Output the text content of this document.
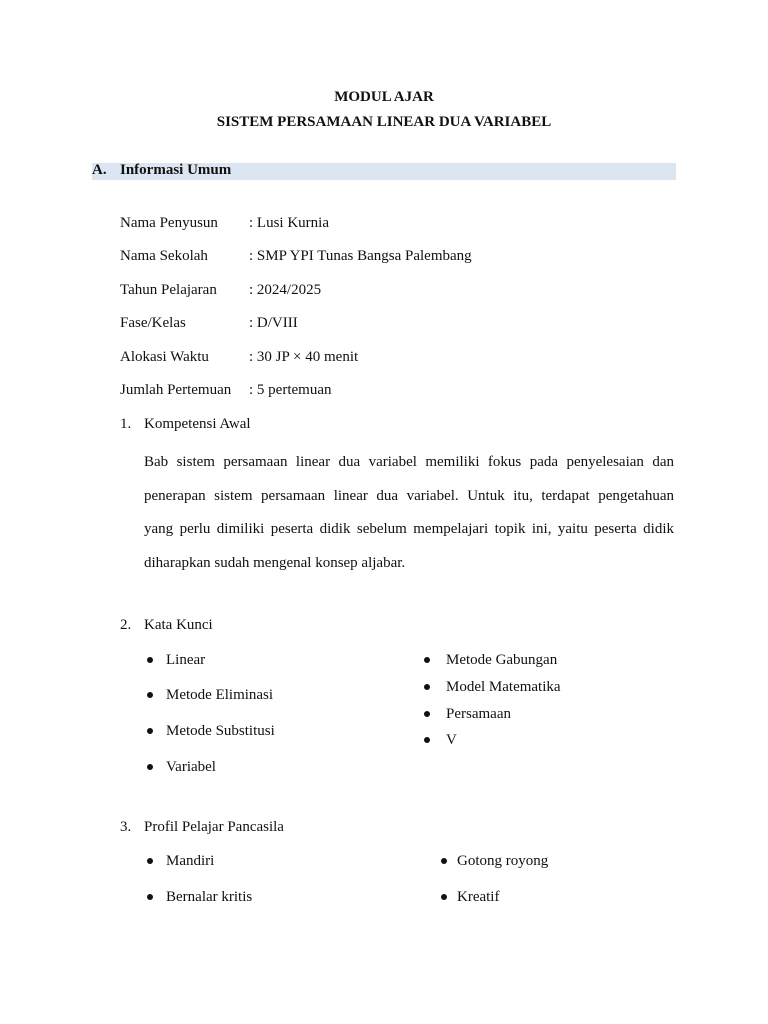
MODUL AJAR
SISTEM PERSAMAAN LINEAR DUA VARIABEL
A. Informasi Umum
Nama Penyusun : Lusi Kurnia
Nama Sekolah	: SMP YPI Tunas Bangsa Palembang
Tahun Pelajaran : 2024/2025
Fase/Kelas	: D/VIII
Alokasi Waktu	: 30 JP × 40 menit
Jumlah Pertemuan : 5 pertemuan
1. Kompetensi Awal
Bab sistem persamaan linear dua variabel memiliki fokus pada penyelesaian dan
penerapan sistem persamaan linear dua variabel. Untuk itu, terdapat pengetahuan
yang perlu dimiliki peserta didik sebelum mempelajari topik ini, yaitu peserta didik
diharapkan sudah mengenal konsep aljabar.
2. Kata Kunci
Linear
Metode Eliminasi
Metode Substitusi
Variabel
Metode Gabungan
Model Matematika
Persamaan
V
3. Profil Pelajar Pancasila
Mandiri
Bernalar kritis
Gotong royong
Kreatif
